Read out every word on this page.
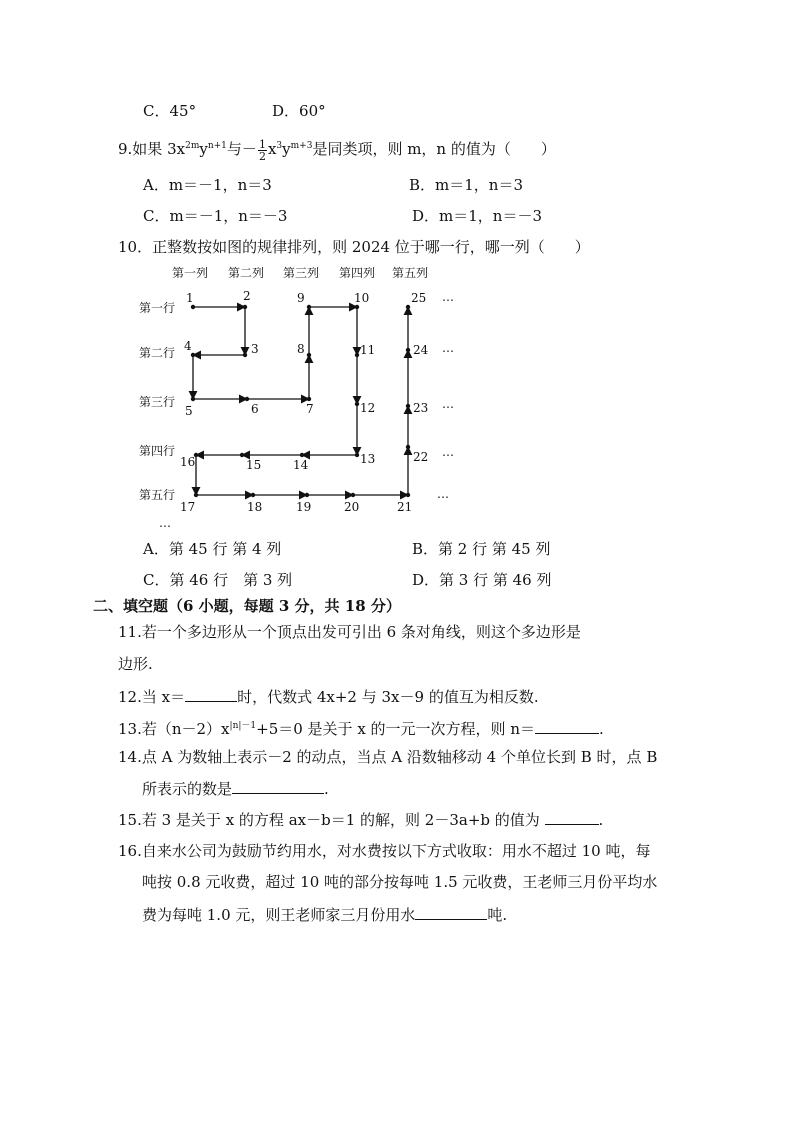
C．45°	D．60°
9.如果 $3x^{2m}y^{n+1}$与－ $\frac{1}{2} x^3y^{m+3}$是同类项，则 m，n 的值为（　　）
A．m＝－1，n＝3	B．m＝1，n＝3
C．m＝－1，n＝－3	D．m＝1，n＝－3
10．正整数按如图的规律排列，则 2024 位于哪一行，哪一列（　　）
第一列 第二列 第三列 第四列 第五列
第一行
第二行
第三行
第四行
第五行
…
…
…
…
…
…
1	2
3
4
5	6	7
8
9	10
11
12
13
14
15
16
17	18	19	20	21
22
23
24
25
A．第 45 行 第 4 列	B．第 2 行 第 45 列
C．第 46 行　第 3 列	D．第 3 行 第 46 列
二、填空题（6 小题，每题 3 分，共 18 分）
11.若一个多边形从一个顶点出发可引出 6 条对角线，则这个多边形是
边形.
12.当 x＝	时，代数式 4x+2 与 3x－9 的值互为相反数.
13.若$(n-2)x^{|n|-1}+5=0$ 是关于 x 的一元一次方程，则 n＝	.
14.点 A 为数轴上表示－2 的动点，当点 A 沿数轴移动 4 个单位长到 B 时，点 B
所表示的数是	.
15.若 3 是关于 x 的方程 ax－b＝1 的解，则 2－3a+b 的值为	.
16.自来水公司为鼓励节约用水，对水费按以下方式收取：用水不超过 10 吨，每
吨按 0.8 元收费，超过 10 吨的部分按每吨 1.5 元收费，王老师三月份平均水
费为每吨 1.0 元，则王老师家三月份用水	吨.
